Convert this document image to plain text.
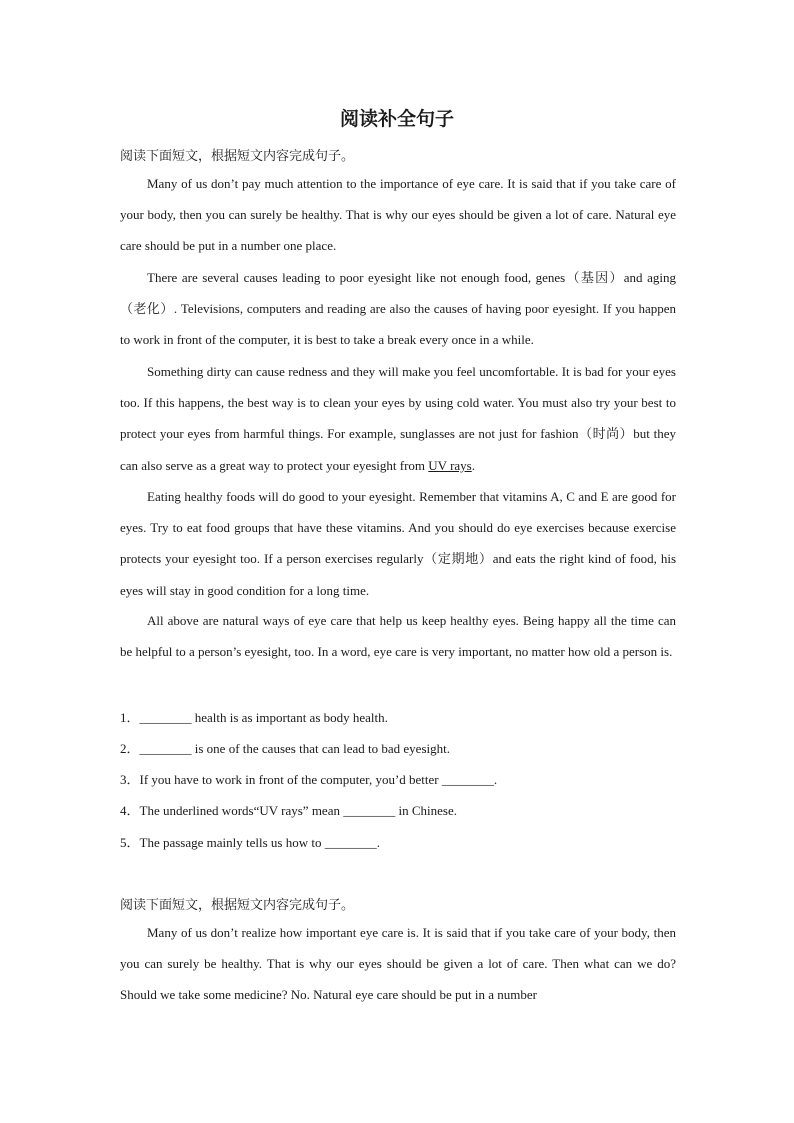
阅读补全句子
阅读下面短文，根据短文内容完成句子。

Many of us don’t pay much attention to the importance of eye care. It is said that if you take care of your body, then you can surely be healthy. That is why our eyes should be given a lot of care. Natural eye care should be put in a number one place.

There are several causes leading to poor eyesight like not enough food, genes（基因）and aging（老化）. Televisions, computers and reading are also the causes of having poor eyesight. If you happen to work in front of the computer, it is best to take a break every once in a while.

Something dirty can cause redness and they will make you feel uncomfortable. It is bad for your eyes too. If this happens, the best way is to clean your eyes by using cold water. You must also try your best to protect your eyes from harmful things. For example, sunglasses are not just for fashion（时尚）but they can also serve as a great way to protect your eyesight from UV rays.

Eating healthy foods will do good to your eyesight. Remember that vitamins A, C and E are good for eyes. Try to eat food groups that have these vitamins. And you should do eye exercises because exercise protects your eyesight too. If a person exercises regularly（定期地）and eats the right kind of food, his eyes will stay in good condition for a long time.

All above are natural ways of eye care that help us keep healthy eyes. Being happy all the time can be helpful to a person’s eyesight, too. In a word, eye care is very important, no matter how old a person is.

1．________ health is as important as body health.
2．________ is one of the causes that can lead to bad eyesight.
3．If you have to work in front of the computer, you’d better ________.
4．The underlined words“UV rays” mean ________ in Chinese.
5．The passage mainly tells us how to ________.
阅读下面短文，根据短文内容完成句子。

Many of us don’t realize how important eye care is. It is said that if you take care of your body, then you can surely be healthy. That is why our eyes should be given a lot of care. Then what can we do? Should we take some medicine? No. Natural eye care should be put in a number
